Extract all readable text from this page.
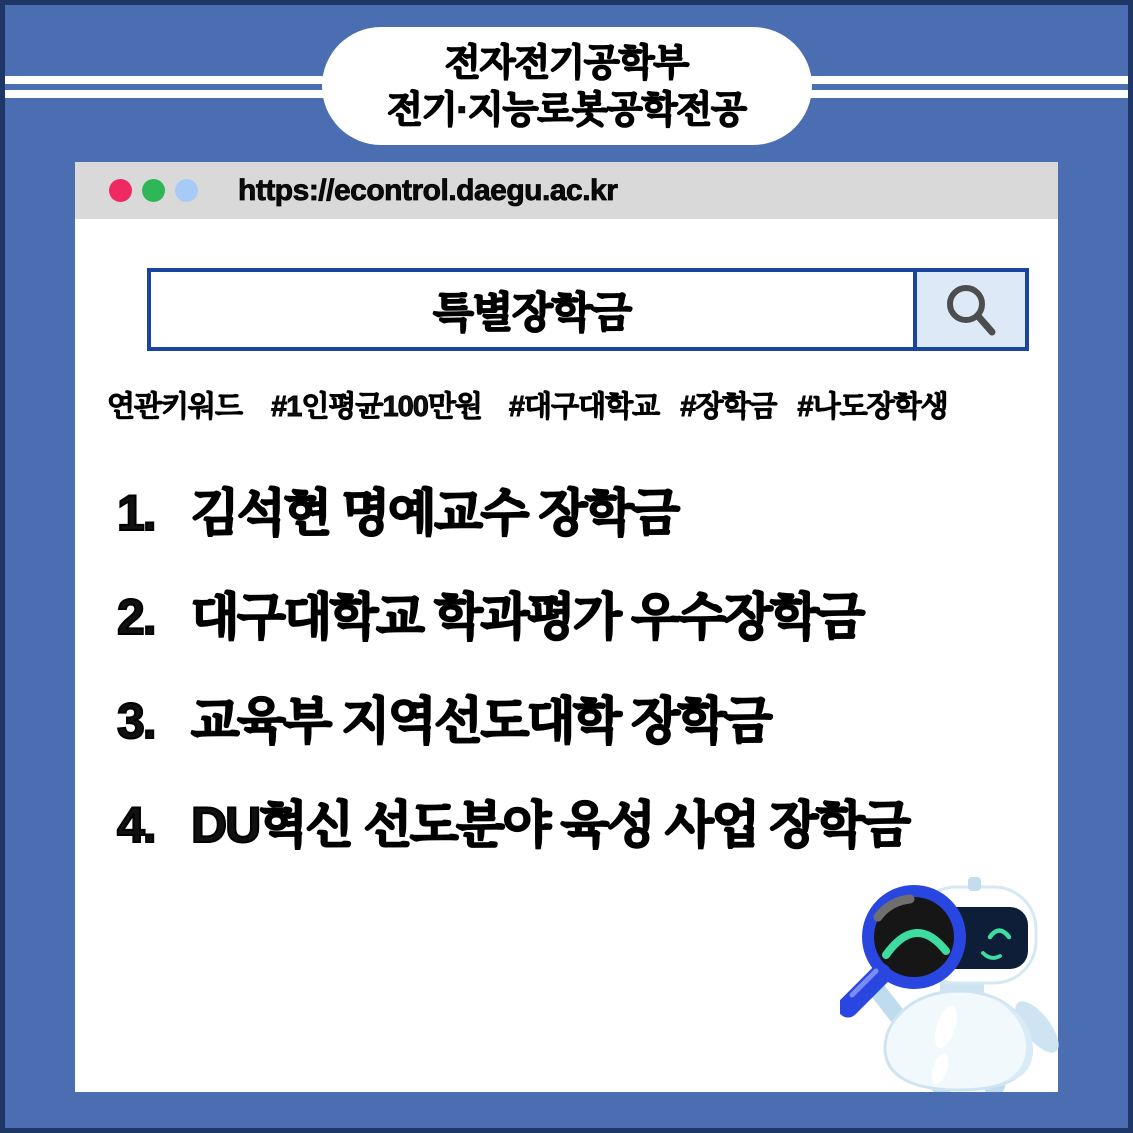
전자전기공학부
전기·지능로봇공학전공
https://econtrol.daegu.ac.kr
특별장학금
연관키워드 #1인평균100만원 #대구대학교 #장학금 #나도장학생
1. 김석현 명예교수 장학금
2. 대구대학교 학과평가 우수장학금
3. 교육부 지역선도대학 장학금
4. DU혁신 선도분야 육성 사업 장학금
